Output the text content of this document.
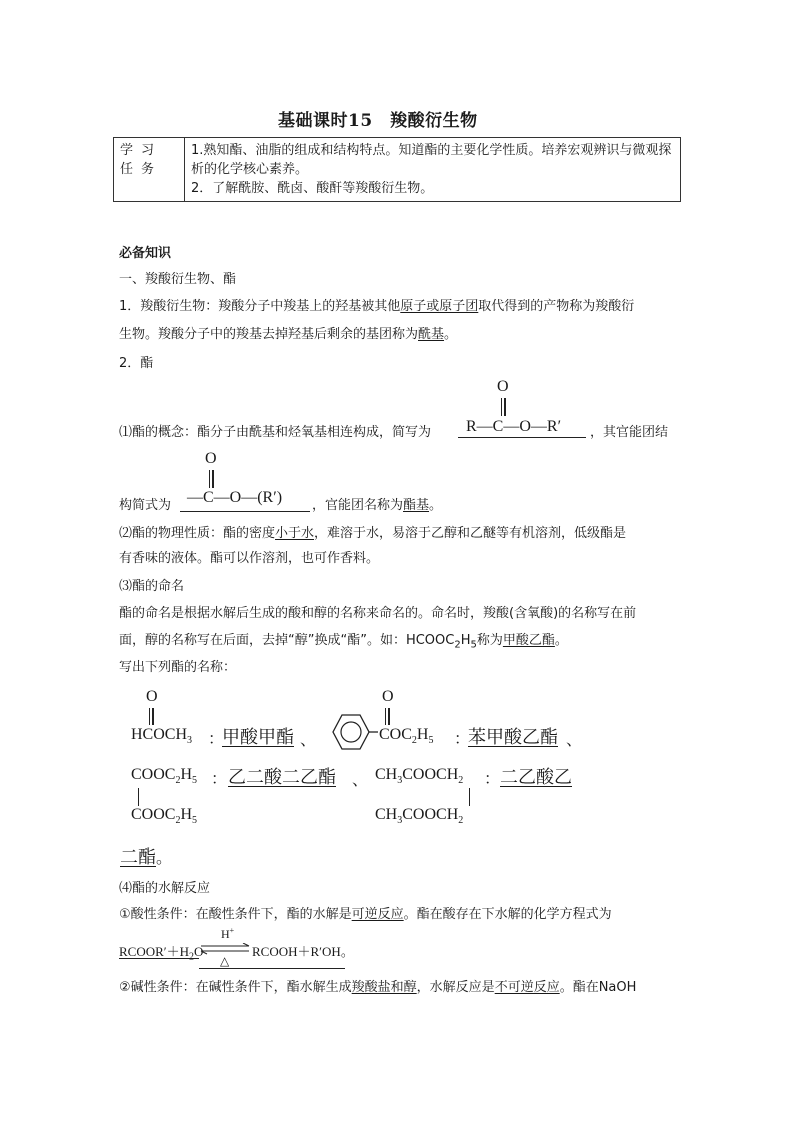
基础课时15　羧酸衍生物
学习任务	
1.熟知酯、油脂的组成和结构特点。知道酯的主要化学性质。培养宏观辨识与微观探析的化学核心素养。
2．了解酰胺、酰卤、酸酐等羧酸衍生物。
必备知识
一、羧酸衍生物、酯
1．羧酸衍生物：羧酸分子中羧基上的羟基被其他原子或原子团取代得到的产物称为羧酸衍
生物。羧酸分子中的羧基去掉羟基后剩余的基团称为酰基。
2．酯
O
⑴酯的概念：酯分子由酰基和烃氧基相连构成，简写为 R—C—O—R′	，其官能团结
O
构简式为 —C—O—(R′) ，官能团名称为酯基。
⑵酯的物理性质：酯的密度小于水，难溶于水，易溶于乙醇和乙醚等有机溶剂，低级酯是
有香味的液体。酯可以作溶剂，也可作香料。
⑶酯的命名
酯的命名是根据水解后生成的酸和醇的名称来命名的。命名时，羧酸(含氧酸)的名称写在前
面，醇的名称写在后面，去掉“醇”换成“酯”。如：$HCOOC_2H_5$称为甲酸乙酯。
写出下列酯的名称：
O
$HCOCH_3$ ：
甲酸甲酯 、
O
$COC_2H_5$ ：
苯甲酸乙酯 、
$COOC_2H_5$
$COOC_2H_5$
： 乙二酸二乙酯 、 $CH_3COOCH_2$
$CH_3COOCH_2$
： 二乙酸乙
二酯。
⑷酯的水解反应
①酸性条件：在酸性条件下，酯的水解是可逆反应。酯在酸存在下水解的化学方程式为
$RCOOR'+H_2O$
H+
△
RCOOH＋R′OH。
②碱性条件：在碱性条件下，酯水解生成羧酸盐和醇，水解反应是不可逆反应。酯在NaOH
